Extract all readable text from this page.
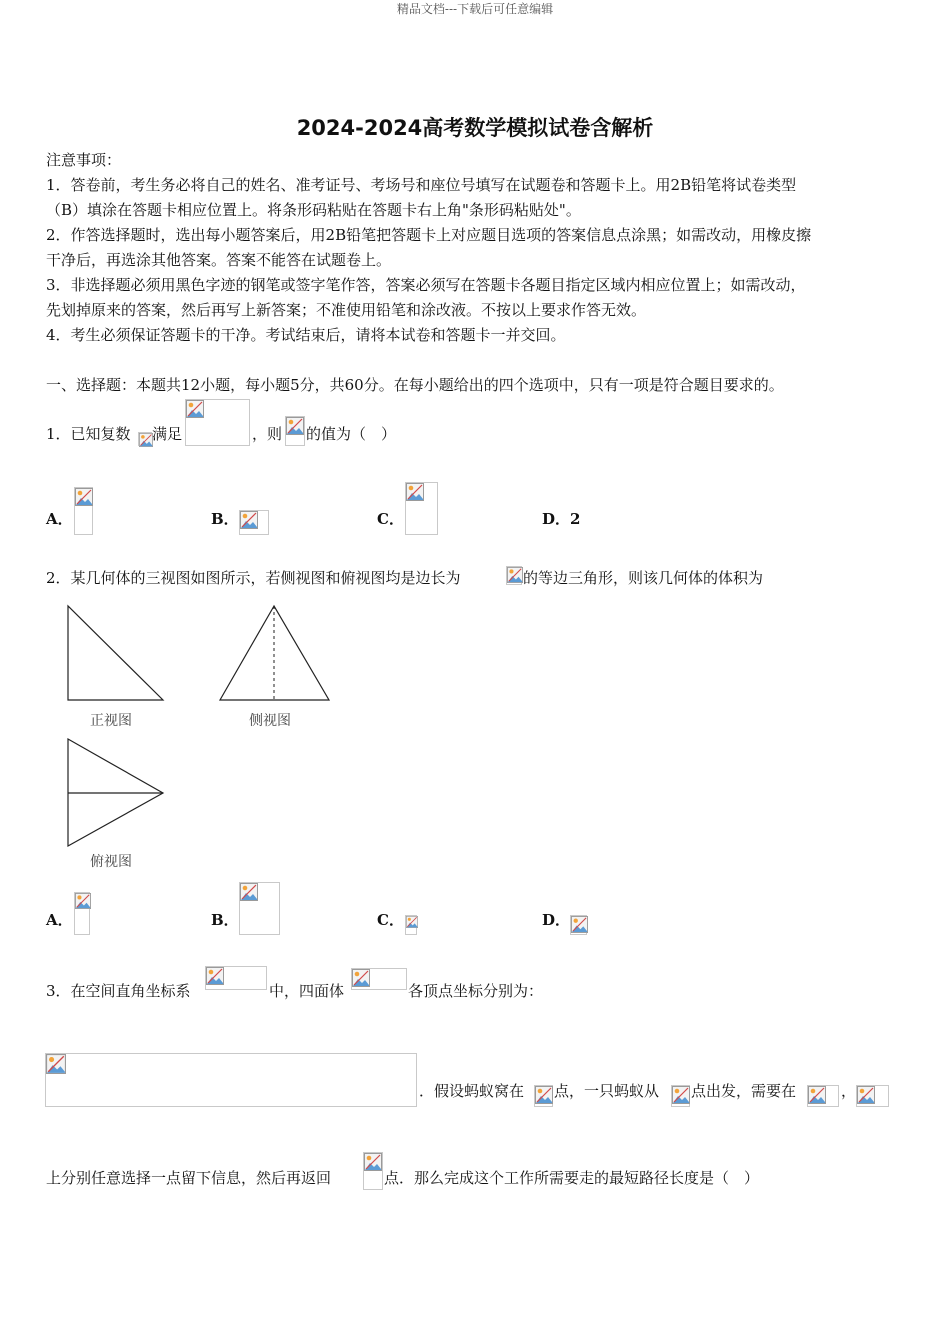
精品文档---下载后可任意编辑
2024-2024高考数学模拟试卷含解析
注意事项：
1．答卷前，考生务必将自己的姓名、准考证号、考场号和座位号填写在试题卷和答题卡上。用2B铅笔将试卷类型
（B）填涂在答题卡相应位置上。将条形码粘贴在答题卡右上角"条形码粘贴处"。
2．作答选择题时，选出每小题答案后，用2B铅笔把答题卡上对应题目选项的答案信息点涂黑；如需改动，用橡皮擦
干净后，再选涂其他答案。答案不能答在试题卷上。
3．非选择题必须用黑色字迹的钢笔或签字笔作答，答案必须写在答题卡各题目指定区域内相应位置上；如需改动，
先划掉原来的答案，然后再写上新答案；不准使用铅笔和涂改液。不按以上要求作答无效。
4．考生必须保证答题卡的干净。考试结束后，请将本试卷和答题卡一并交回。
一、选择题：本题共12小题，每小题5分，共60分。在每小题给出的四个选项中，只有一项是符合题目要求的。
1．已知复数 满足	，则 的值为（　）
A．	B．	C．	D．2
2．某几何体的三视图如图所示，若侧视图和俯视图均是边长为	的等边三角形，则该几何体的体积为
正视图	侧视图
俯视图
A．	B．	C．	D．
3．在空间直角坐标系	中，四面体	各顶点坐标分别为：
．假设蚂蚁窝在 点，一只蚂蚁从 点出发，需要在	，
上分别任意选择一点留下信息，然后再返回	点．那么完成这个工作所需要走的最短路径长度是（　）
